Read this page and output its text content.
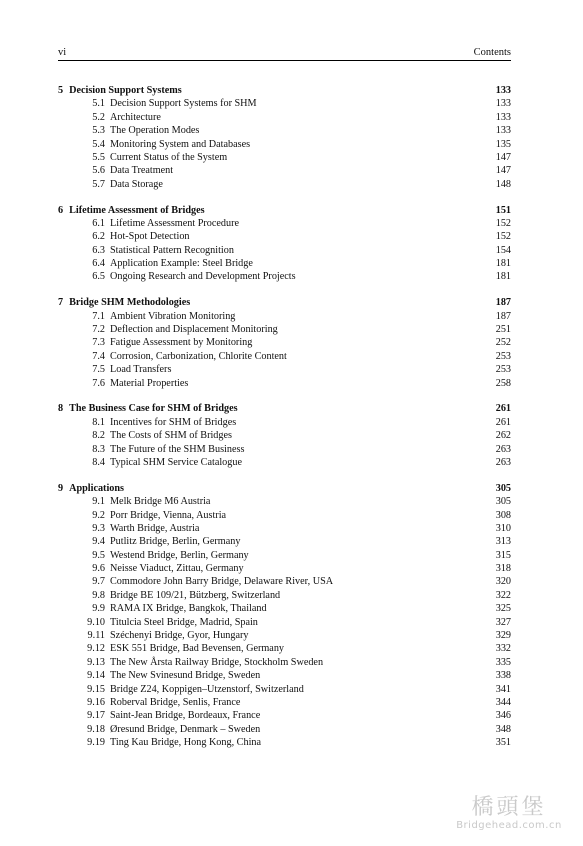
vi	Contents
5 Decision Support Systems	133
5.1 Decision Support Systems for SHM	133
5.2 Architecture	133
5.3 The Operation Modes	133
5.4 Monitoring System and Databases	135
5.5 Current Status of the System	147
5.6 Data Treatment	147
5.7 Data Storage	148
6 Lifetime Assessment of Bridges	151
6.1 Lifetime Assessment Procedure	152
6.2 Hot-Spot Detection	152
6.3 Statistical Pattern Recognition	154
6.4 Application Example: Steel Bridge	181
6.5 Ongoing Research and Development Projects	181
7 Bridge SHM Methodologies	187
7.1 Ambient Vibration Monitoring	187
7.2 Deflection and Displacement Monitoring	251
7.3 Fatigue Assessment by Monitoring	252
7.4 Corrosion, Carbonization, Chlorite Content	253
7.5 Load Transfers	253
7.6 Material Properties	258
8 The Business Case for SHM of Bridges	261
8.1 Incentives for SHM of Bridges	261
8.2 The Costs of SHM of Bridges	262
8.3 The Future of the SHM Business	263
8.4 Typical SHM Service Catalogue	263
9 Applications	305
9.1 Melk Bridge M6 Austria	305
9.2 Porr Bridge, Vienna, Austria	308
9.3 Warth Bridge, Austria	310
9.4 Putlitz Bridge, Berlin, Germany	313
9.5 Westend Bridge, Berlin, Germany	315
9.6 Neisse Viaduct, Zittau, Germany	318
9.7 Commodore John Barry Bridge, Delaware River, USA	320
9.8 Bridge BE 109/21, Bützberg, Switzerland	322
9.9 RAMA IX Bridge, Bangkok, Thailand	325
9.10 Titulcia Steel Bridge, Madrid, Spain	327
9.11 Széchenyi Bridge, Gyor, Hungary	329
9.12 ESK 551 Bridge, Bad Bevensen, Germany	332
9.13 The New Årsta Railway Bridge, Stockholm Sweden	335
9.14 The New Svinesund Bridge, Sweden	338
9.15 Bridge Z24, Koppigen–Utzenstorf, Switzerland	341
9.16 Roberval Bridge, Senlis, France	344
9.17 Saint-Jean Bridge, Bordeaux, France	346
9.18 Øresund Bridge, Denmark – Sweden	348
9.19 Ting Kau Bridge, Hong Kong, China	351
橋頭堡
Bridgehead.com.cn
